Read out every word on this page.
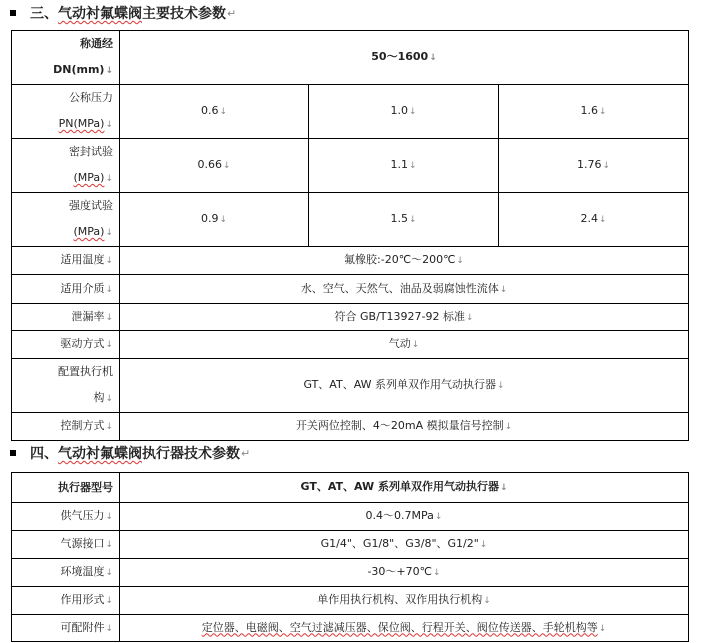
三、 气动衬氟蝶阀 主要技术参数 ↵
称通经
DN(mm)↓	50～1600↓		
公称压力
PN(MPa)↓	0.6↓	1.0↓	1.6↓
密封试验
(MPa)↓	0.66↓	1.1↓	1.76↓
强度试验
(MPa)↓	0.9↓	1.5↓	2.4↓
适用温度↓	氟橡胶:-20℃～200℃↓		
适用介质↓	水、空气、天然气、油品及弱腐蚀性流体↓		
泄漏率↓	符合 GB/T13927-92 标准↓		
驱动方式↓	气动↓		
配置执行机
构↓	GT、AT、AW 系列单双作用气动执行器↓		
控制方式↓	开关两位控制、4～20mA 模拟量信号控制↓		
四、 气动衬氟蝶阀 执行器技术参数 ↵
执行器型号	GT、AT、AW 系列单双作用气动执行器↓
供气压力↓	0.4～0.7MPa↓
气源接口↓	G1/4"、G1/8"、G3/8"、G1/2"↓
环境温度↓	-30～+70℃↓
作用形式↓	单作用执行机构、双作用执行机构↓
可配附件↓	定位器、电磁阀、空气过滤减压器、保位阀、行程开关、阀位传送器、手轮机构等↓
